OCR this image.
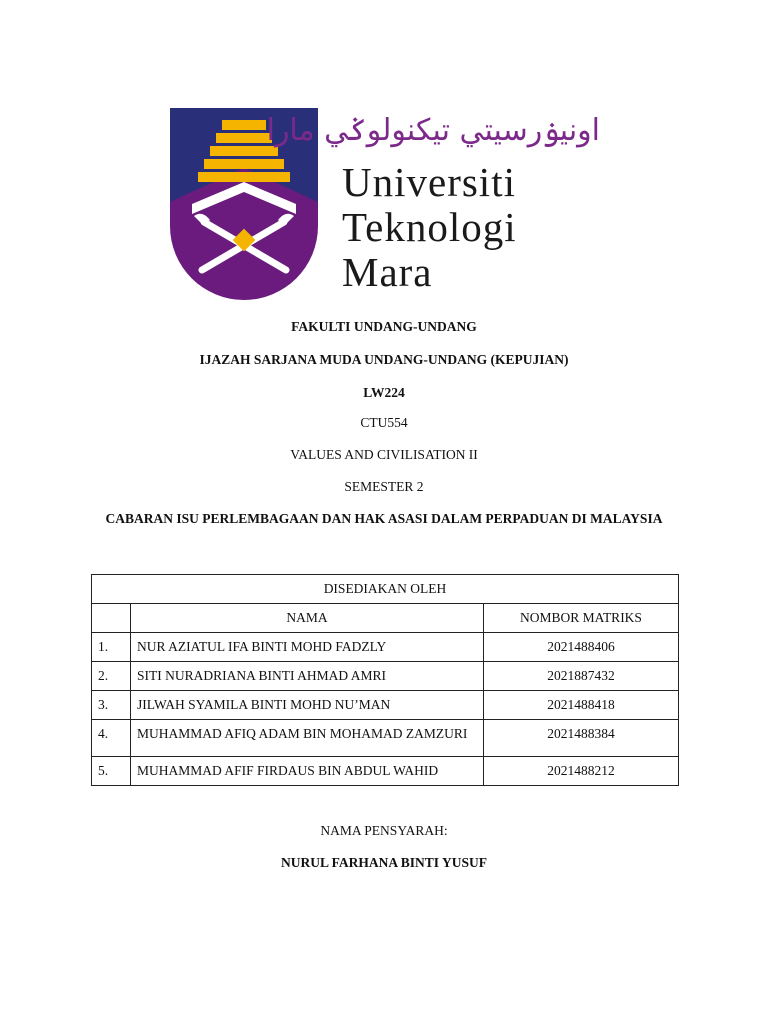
اونيۏرسيتي تيكنولوݢي مارا
Universiti
Teknologi
Mara
FAKULTI UNDANG-UNDANG
IJAZAH SARJANA MUDA UNDANG-UNDANG (KEPUJIAN)
LW224
CTU554
VALUES AND CIVILISATION II
SEMESTER 2
CABARAN ISU PERLEMBAGAAN DAN HAK ASASI DALAM PERPADUAN DI MALAYSIA
DISEDIAKAN OLEH		
	NAMA	NOMBOR MATRIKS
1.	NUR AZIATUL IFA BINTI MOHD FADZLY	2021488406
2.	SITI NURADRIANA BINTI AHMAD AMRI	2021887432
3.	JILWAH SYAMILA BINTI MOHD NU’MAN	2021488418
4.	MUHAMMAD AFIQ ADAM BIN MOHAMAD ZAMZURI	2021488384
5.	MUHAMMAD AFIF FIRDAUS BIN ABDUL WAHID	2021488212
NAMA PENSYARAH:
NURUL FARHANA BINTI YUSUF
